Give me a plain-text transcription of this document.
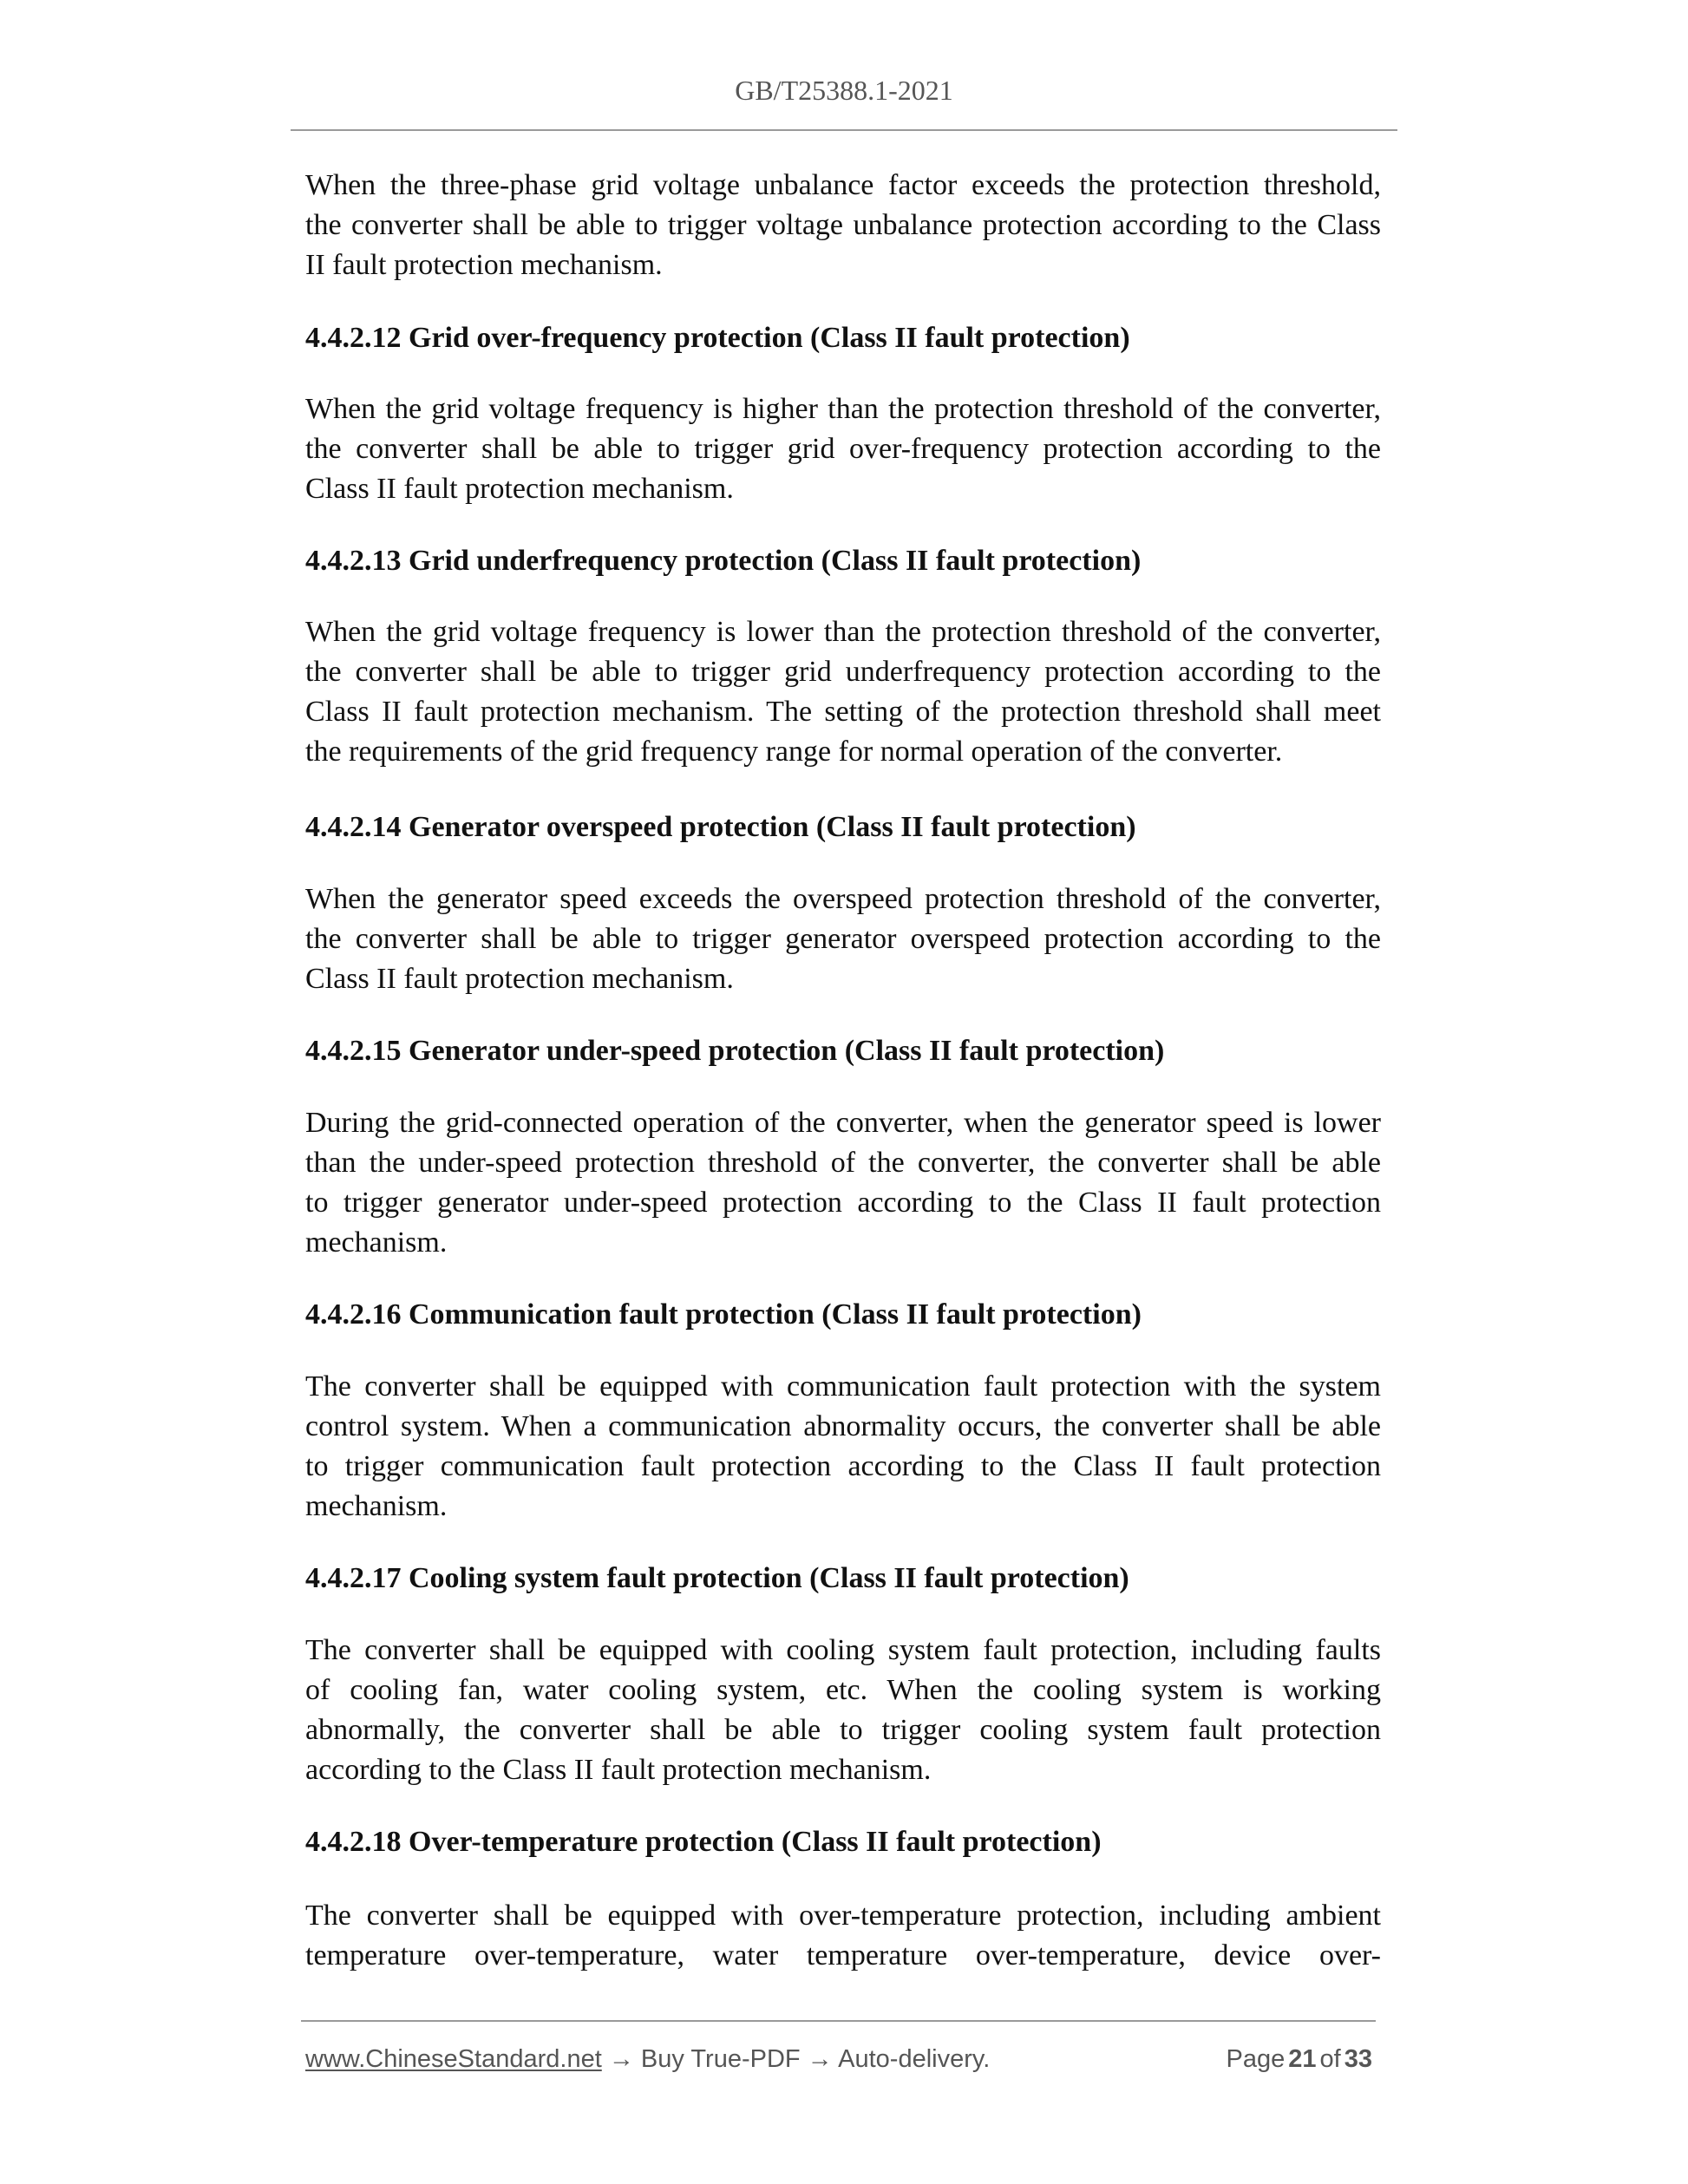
GB/T25388.1-2021
When the three-phase grid voltage unbalance factor exceeds the protection threshold,
the converter shall be able to trigger voltage unbalance protection according to the Class
II fault protection mechanism.
4.4.2.12 Grid over-frequency protection (Class II fault protection)
When the grid voltage frequency is higher than the protection threshold of the converter,
the converter shall be able to trigger grid over-frequency protection according to the
Class II fault protection mechanism.
4.4.2.13 Grid underfrequency protection (Class II fault protection)
When the grid voltage frequency is lower than the protection threshold of the converter,
the converter shall be able to trigger grid underfrequency protection according to the
Class II fault protection mechanism. The setting of the protection threshold shall meet
the requirements of the grid frequency range for normal operation of the converter.
4.4.2.14 Generator overspeed protection (Class II fault protection)
When the generator speed exceeds the overspeed protection threshold of the converter,
the converter shall be able to trigger generator overspeed protection according to the
Class II fault protection mechanism.
4.4.2.15 Generator under-speed protection (Class II fault protection)
During the grid-connected operation of the converter, when the generator speed is lower
than the under-speed protection threshold of the converter, the converter shall be able
to trigger generator under-speed protection according to the Class II fault protection
mechanism.
4.4.2.16 Communication fault protection (Class II fault protection)
The converter shall be equipped with communication fault protection with the system
control system. When a communication abnormality occurs, the converter shall be able
to trigger communication fault protection according to the Class II fault protection
mechanism.
4.4.2.17 Cooling system fault protection (Class II fault protection)
The converter shall be equipped with cooling system fault protection, including faults
of cooling fan, water cooling system, etc. When the cooling system is working
abnormally, the converter shall be able to trigger cooling system fault protection
according to the Class II fault protection mechanism.
4.4.2.18 Over-temperature protection (Class II fault protection)
The converter shall be equipped with over-temperature protection, including ambient
temperature over-temperature, water temperature over-temperature, device over-
www.ChineseStandard.net → Buy True-PDF → Auto-delivery.	Page 21 of 33
